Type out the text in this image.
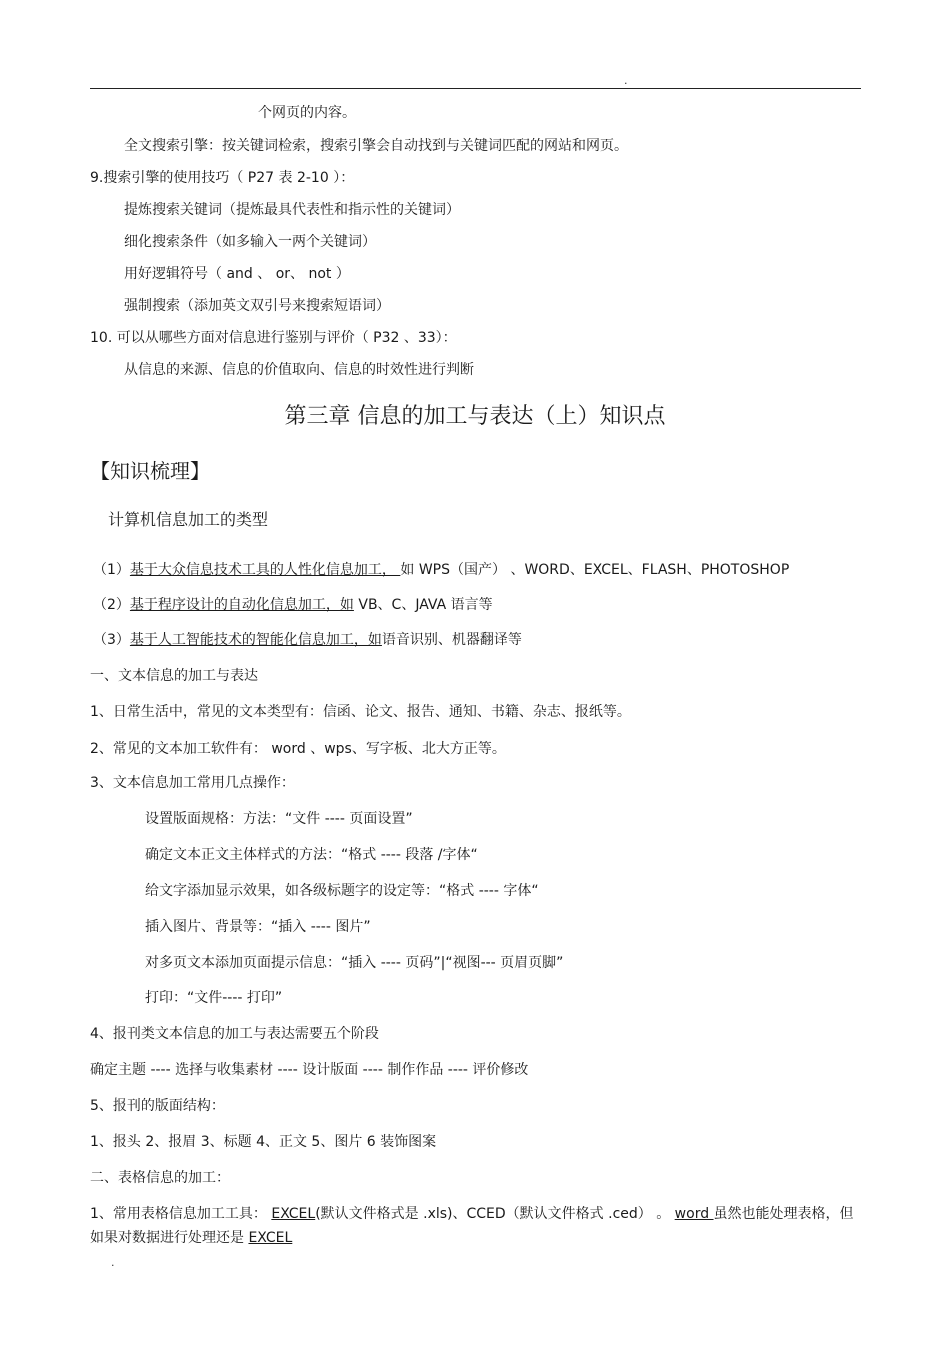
.
个网页的内容。
全文搜索引擎：按关键词检索，搜索引擎会自动找到与关键词匹配的网站和网页。
9.搜索引擎的使用技巧（ P27 表 2-10 ）：
提炼搜索关键词（提炼最具代表性和指示性的关键词）
细化搜索条件（如多输入一两个关键词）
用好逻辑符号（ and 、 or、 not ）
强制搜索（添加英文双引号来搜索短语词）
10. 可以从哪些方面对信息进行鉴别与评价（ P32 、33）：
从信息的来源、信息的价值取向、信息的时效性进行判断
第三章 信息的加工与表达（上）知识点
【知识梳理】
计算机信息加工的类型
（1）基于大众信息技术工具的人性化信息加工， 如 WPS（国产） 、WORD、EXCEL、FLASH、PHOTOSHOP
（2）基于程序设计的自动化信息加工，如 VB、C、JAVA 语言等
（3）基于人工智能技术的智能化信息加工，如语音识别、机器翻译等
一、文本信息的加工与表达
1、日常生活中，常见的文本类型有：信函、论文、报告、通知、书籍、杂志、报纸等。
2、常见的文本加工软件有： word 、wps、写字板、北大方正等。
3、文本信息加工常用几点操作：
设置版面规格：方法：“文件 ---- 页面设置”
确定文本正文主体样式的方法：“格式 ---- 段落 /字体“
给文字添加显示效果，如各级标题字的设定等：“格式 ---- 字体“
插入图片、背景等：“插入 ---- 图片”
对多页文本添加页面提示信息：“插入 ---- 页码”|“视图--- 页眉页脚”
打印：“文件---- 打印”
4、报刊类文本信息的加工与表达需要五个阶段
确定主题 ---- 选择与收集素材 ---- 设计版面 ---- 制作作品 ---- 评价修改
5、报刊的版面结构：
1、报头 2、报眉 3、标题 4、正文 5、图片 6 装饰图案
二、表格信息的加工：
1、常用表格信息加工工具： EXCEL(默认文件格式是 .xls)、CCED（默认文件格式 .ced） 。 word 虽然也能处理表格，但如果对数据进行处理还是 EXCEL
.
